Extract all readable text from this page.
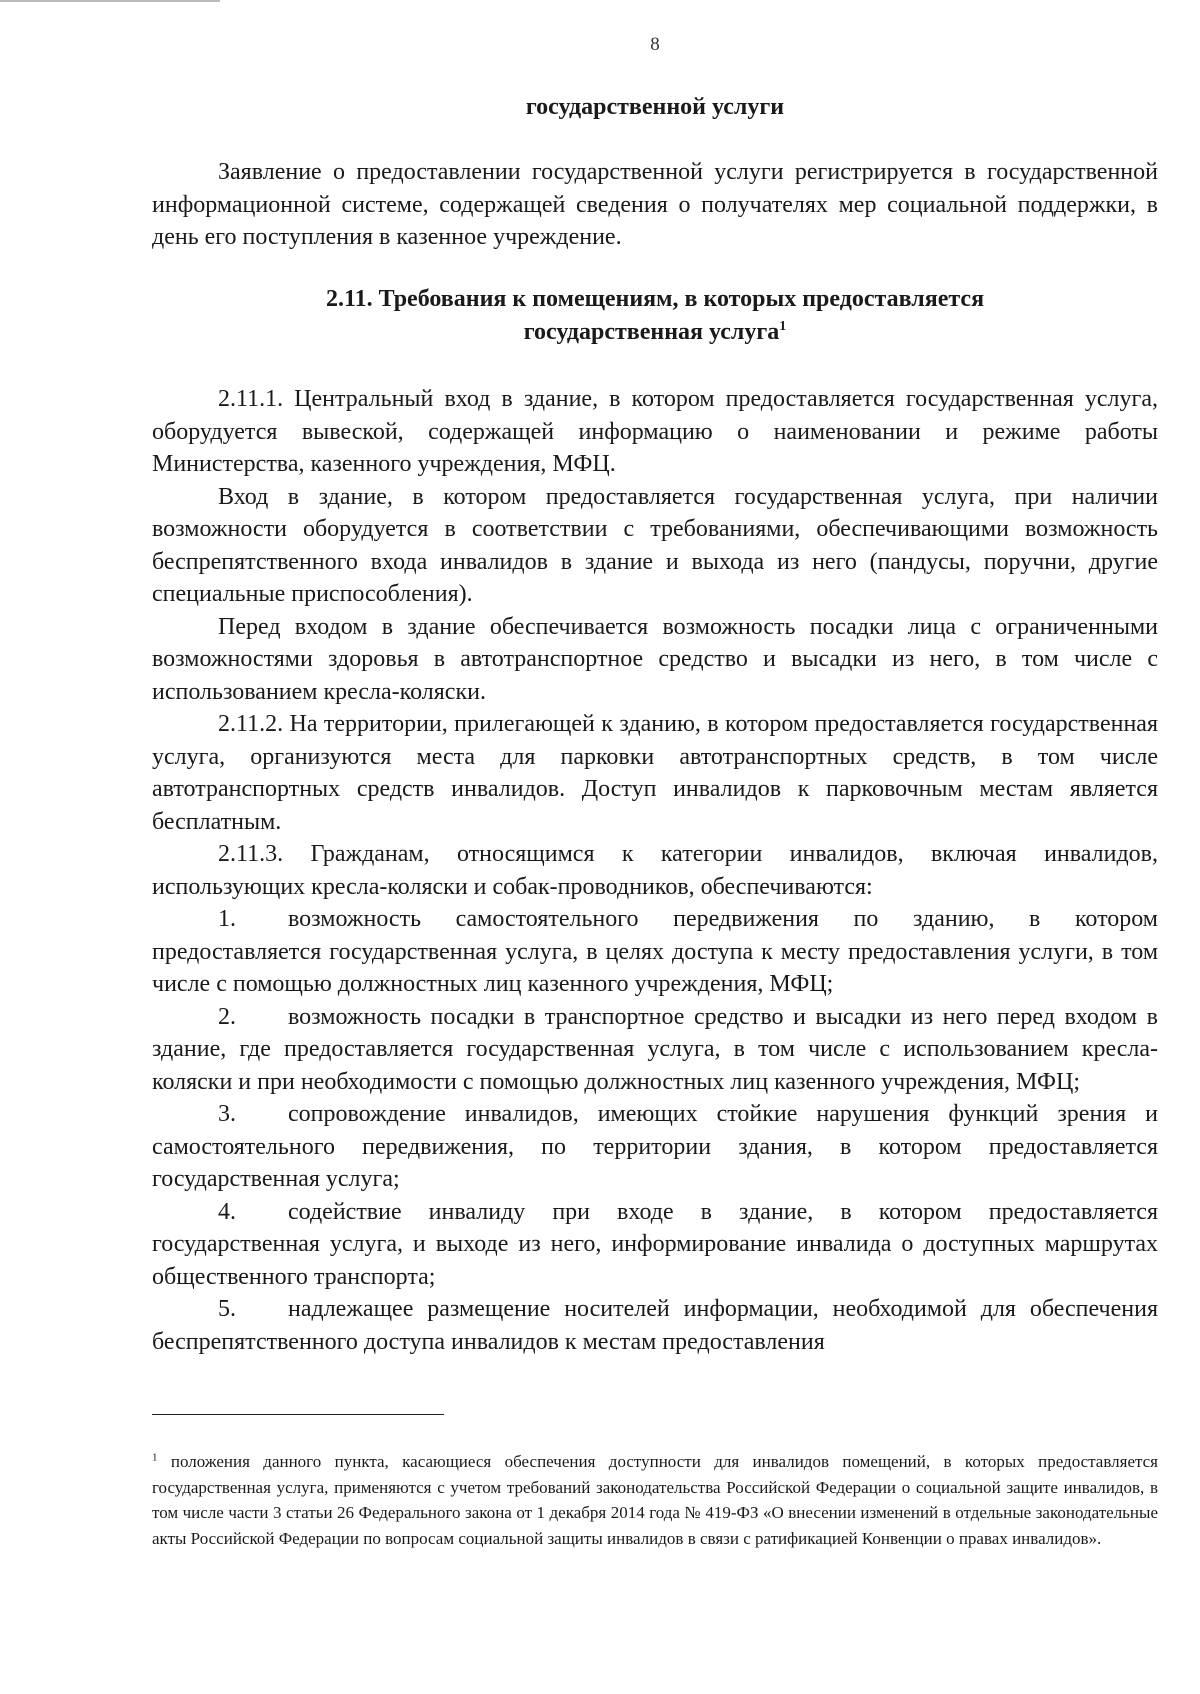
8
государственной услуги

Заявление о предоставлении государственной услуги регистрируется в государственной информационной системе, содержащей сведения о получателях мер социальной поддержки, в день его поступления в казенное учреждение.

2.11. Требования к помещениям, в которых предоставляется
государственная услуга$^1$

2.11.1. Центральный вход в здание, в котором предоставляется государственная услуга, оборудуется вывеской, содержащей информацию о наименовании и режиме работы Министерства, казенного учреждения, МФЦ.

Вход в здание, в котором предоставляется государственная услуга, при наличии возможности оборудуется в соответствии с требованиями, обеспечивающими возможность беспрепятственного входа инвалидов в здание и выхода из него (пандусы, поручни, другие специальные приспособления).

Перед входом в здание обеспечивается возможность посадки лица с ограниченными возможностями здоровья в автотранспортное средство и высадки из него, в том числе с использованием кресла-коляски.

2.11.2. На территории, прилегающей к зданию, в котором предоставляется государственная услуга, организуются места для парковки автотранспортных средств, в том числе автотранспортных средств инвалидов. Доступ инвалидов к парковочным местам является бесплатным.

2.11.3. Гражданам, относящимся к категории инвалидов, включая инвалидов, использующих кресла-коляски и собак-проводников, обеспечиваются:

1. возможность самостоятельного передвижения по зданию, в котором предоставляется государственная услуга, в целях доступа к месту предоставления услуги, в том числе с помощью должностных лиц казенного учреждения, МФЦ;

2. возможность посадки в транспортное средство и высадки из него перед входом в здание, где предоставляется государственная услуга, в том числе с использованием кресла-коляски и при необходимости с помощью должностных лиц казенного учреждения, МФЦ;

3. сопровождение инвалидов, имеющих стойкие нарушения функций зрения и самостоятельного передвижения, по территории здания, в котором предоставляется государственная услуга;

4. содействие инвалиду при входе в здание, в котором предоставляется государственная услуга, и выходе из него, информирование инвалида о доступных маршрутах общественного транспорта;

5. надлежащее размещение носителей информации, необходимой для обеспечения беспрепятственного доступа инвалидов к местам предоставления

$^1$ положения данного пункта, касающиеся обеспечения доступности для инвалидов помещений, в которых предоставляется государственная услуга, применяются с учетом требований законодательства Российской Федерации о социальной защите инвалидов, в том числе части 3 статьи 26 Федерального закона от 1 декабря 2014 года № 419-ФЗ «О внесении изменений в отдельные законодательные акты Российской Федерации по вопросам социальной защиты инвалидов в связи с ратификацией Конвенции о правах инвалидов».
